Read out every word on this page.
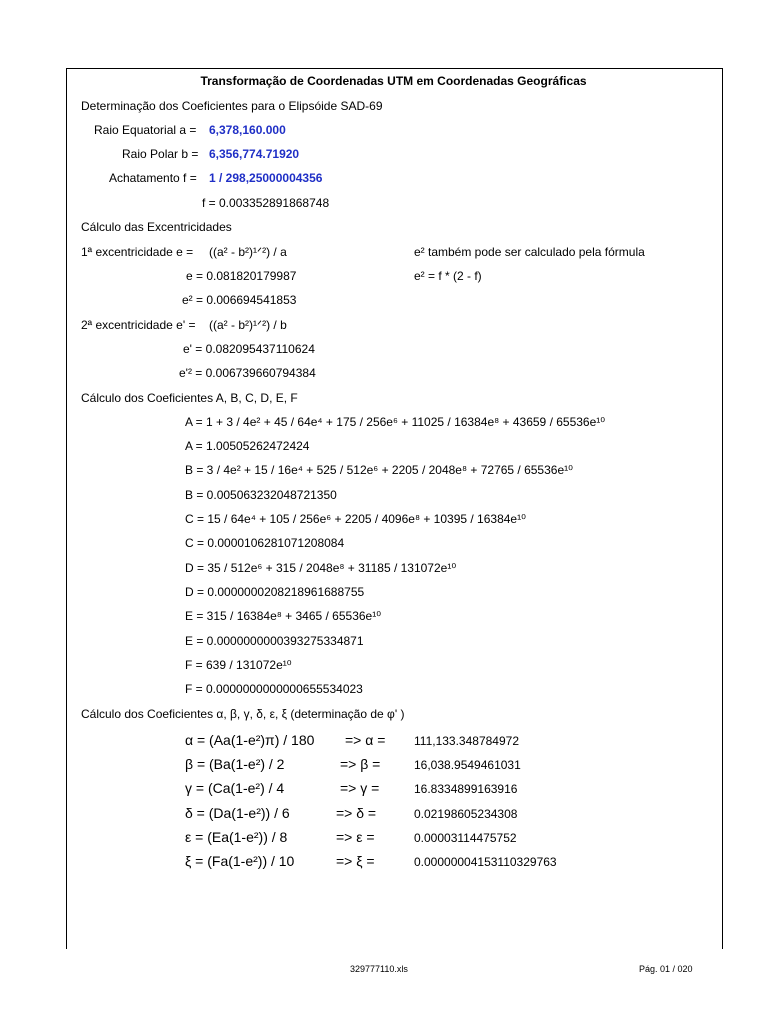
Transformação de Coordenadas UTM em Coordenadas Geográficas
Determinação dos Coeficientes para o Elipsóide SAD-69
Raio Equatorial a = 6,378,160.000
Raio Polar b = 6,356,774.71920
Achatamento f = 1 / 298,25000004356
f = 0.003352891868748
Cálculo das Excentricidades
1ª excentricidade e = ((a² - b²)¹ᐟ²) / a	e² também pode ser calculado pela fórmula
e = 0.081820179987	e² = f * (2 - f)
e² = 0.006694541853
2ª excentricidade e' = ((a² - b²)¹ᐟ²) / b
e' = 0.082095437110624
e'² = 0.006739660794384
Cálculo dos Coeficientes A, B, C, D, E, F
A = 1 + 3 / 4e² + 45 / 64e⁴ + 175 / 256e⁶ + 11025 / 16384e⁸ + 43659 / 65536e¹⁰
A = 1.00505262472424
B = 3 / 4e² + 15 / 16e⁴ + 525 / 512e⁶ + 2205 / 2048e⁸ + 72765 / 65536e¹⁰
B = 0.005063232048721350
C = 15 / 64e⁴ + 105 / 256e⁶ + 2205 / 4096e⁸ + 10395 / 16384e¹⁰
C = 0.0000106281071208084
D = 35 / 512e⁶ + 315 / 2048e⁸ + 31185 / 131072e¹⁰
D = 0.0000000208218961688755
E = 315 / 16384e⁸ + 3465 / 65536e¹⁰
E = 0.0000000000393275334871
F = 639 / 131072e¹⁰
F = 0.0000000000000655534023
Cálculo dos Coeficientes α, β, γ, δ, ε, ξ (determinação de φ' )
α = (Aa(1-e²)π) / 180 => α = 111,133.348784972
β = (Ba(1-e²) / 2	=> β =	16,038.9549461031
γ = (Ca(1-e²) / 4	=> γ =	16.8334899163916
δ = (Da(1-e²)) / 6	=> δ =	0.02198605234308
ε = (Ea(1-e²)) / 8	=> ε =	0.00003114475752
ξ = (Fa(1-e²)) / 10	=> ξ =	0.00000004153110329763
329777110.xls	Pág. 01 / 020
